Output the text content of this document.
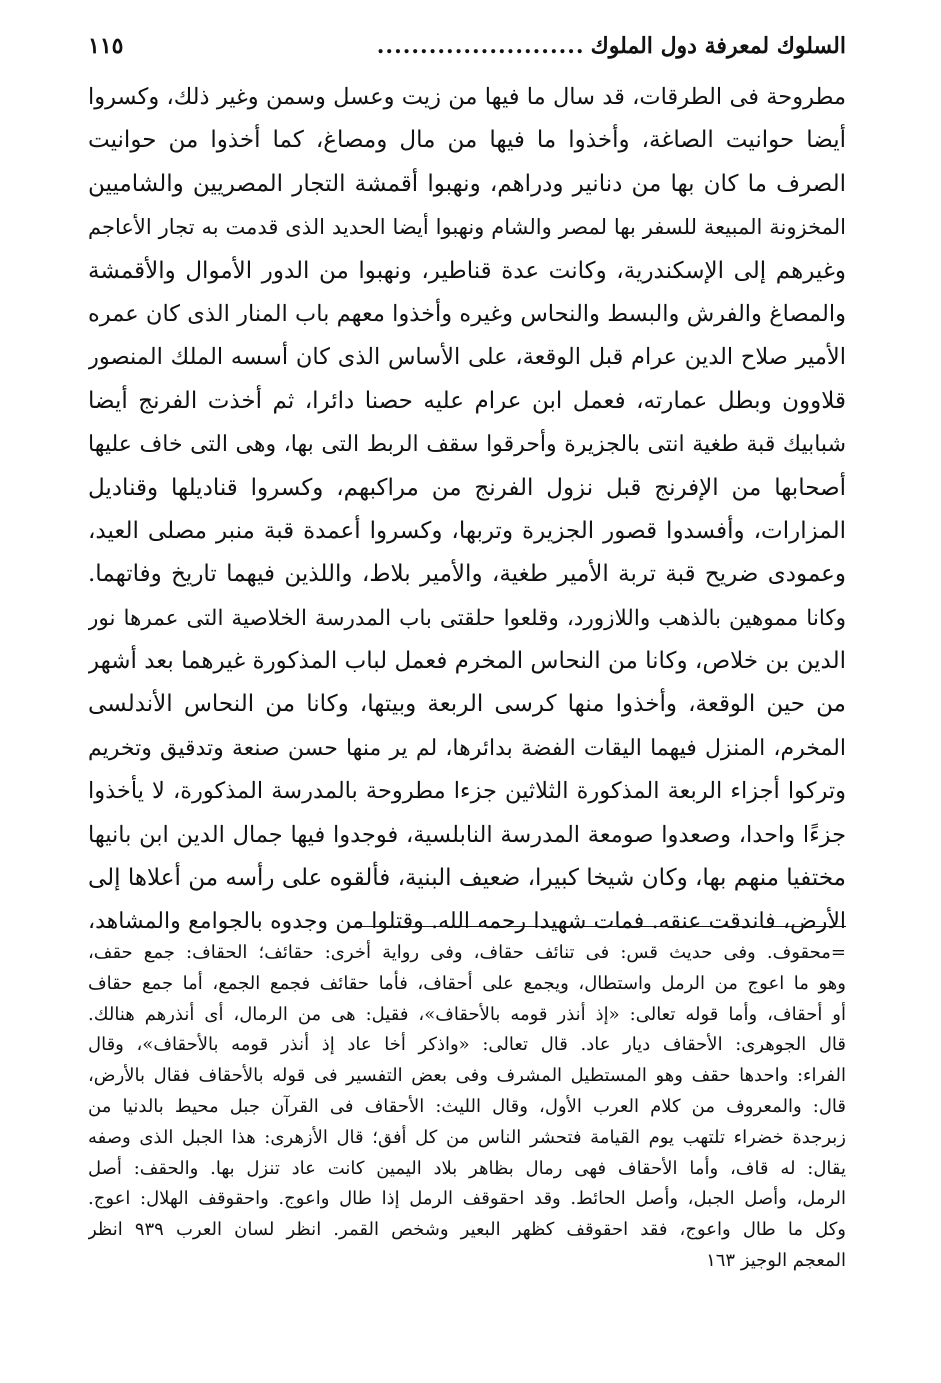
السلوك لمعرفة دول الملوك
........................
١١٥
مطروحة فى الطرقات، قد سال ما فيها من زيت وعسل وسمن وغير ذلك، وكسروا
أيضا حوانيت الصاغة، وأخذوا ما فيها من مال ومصاغ، كما أخذوا من حوانيت
الصرف ما كان بها من دنانير ودراهم، ونهبوا أقمشة التجار المصريين والشاميين
المخزونة المبيعة للسفر بها لمصر والشام ونهبوا أيضا الحديد الذى قدمت به تجار الأعاجم
وغيرهم إلى الإسكندرية، وكانت عدة قناطير، ونهبوا من الدور الأموال والأقمشة
والمصاغ والفرش والبسط والنحاس وغيره وأخذوا معهم باب المنار الذى كان عمره
الأمير صلاح الدين عرام قبل الوقعة، على الأساس الذى كان أسسه الملك المنصور
قلاوون وبطل عمارته، فعمل ابن عرام عليه حصنا دائرا، ثم أخذت الفرنج أيضا
شبابيك قبة طغية انتى بالجزيرة وأحرقوا سقف الربط التى بها، وهى التى خاف عليها
أصحابها من الإفرنج قبل نزول الفرنج من مراكبهم، وكسروا قناديلها وقناديل
المزارات، وأفسدوا قصور الجزيرة وتربها، وكسروا أعمدة قبة منبر مصلى العيد،
وعمودى ضريح قبة تربة الأمير طغية، والأمير بلاط، واللذين فيهما تاريخ وفاتهما.
وكانا مموهين بالذهب واللازورد، وقلعوا حلقتى باب المدرسة الخلاصية التى عمرها نور
الدين بن خلاص، وكانا من النحاس المخرم فعمل لباب المذكورة غيرهما بعد أشهر
من حين الوقعة، وأخذوا منها كرسى الربعة وبيتها، وكانا من النحاس الأندلسى
المخرم، المنزل فيهما اليقات الفضة بدائرها، لم ير منها حسن صنعة وتدقيق وتخريم
وتركوا أجزاء الربعة المذكورة الثلاثين جزءا مطروحة بالمدرسة المذكورة، لا يأخذوا
جزءًا واحدا، وصعدوا صومعة المدرسة النابلسية، فوجدوا فيها جمال الدين ابن بانيها
مختفيا منهم بها، وكان شيخا كبيرا، ضعيف البنية، فألقوه على رأسه من أعلاها إلى
الأرض، فاندقت عنقه. فمات شهيدا رحمه الله. وقتلوا من وجدوه بالجوامع والمشاهد،
=محقوف. وفى حديث قس: فى تنائف حقاف، وفى رواية أخرى: حقائف؛ الحقاف: جمع حقف،
وهو ما اعوج من الرمل واستطال، ويجمع على أحقاف، فأما حقائف فجمع الجمع، أما جمع حقاف
أو أحقاف، وأما قوله تعالى: «إذ أنذر قومه بالأحقاف»، فقيل: هى من الرمال، أى أنذرهم هنالك.
قال الجوهرى: الأحقاف ديار عاد. قال تعالى: «واذكر أخا عاد إذ أنذر قومه بالأحقاف»، وقال
الفراء: واحدها حقف وهو المستطيل المشرف وفى بعض التفسير فى قوله بالأحقاف فقال بالأرض،
قال: والمعروف من كلام العرب الأول، وقال الليث: الأحقاف فى القرآن جبل محيط بالدنيا من
زبرجدة خضراء تلتهب يوم القيامة فتحشر الناس من كل أفق؛ قال الأزهرى: هذا الجبل الذى وصفه
يقال: له قاف، وأما الأحقاف فهى رمال بظاهر بلاد اليمين كانت عاد تنزل بها. والحقف: أصل
الرمل، وأصل الجبل، وأصل الحائط. وقد احقوقف الرمل إذا طال واعوج. واحقوقف الهلال: اعوج.
وكل ما طال واعوج، فقد احقوقف كظهر البعير وشخص القمر. انظر لسان العرب ٩٣٩ انظر
المعجم الوجيز ١٦٣
